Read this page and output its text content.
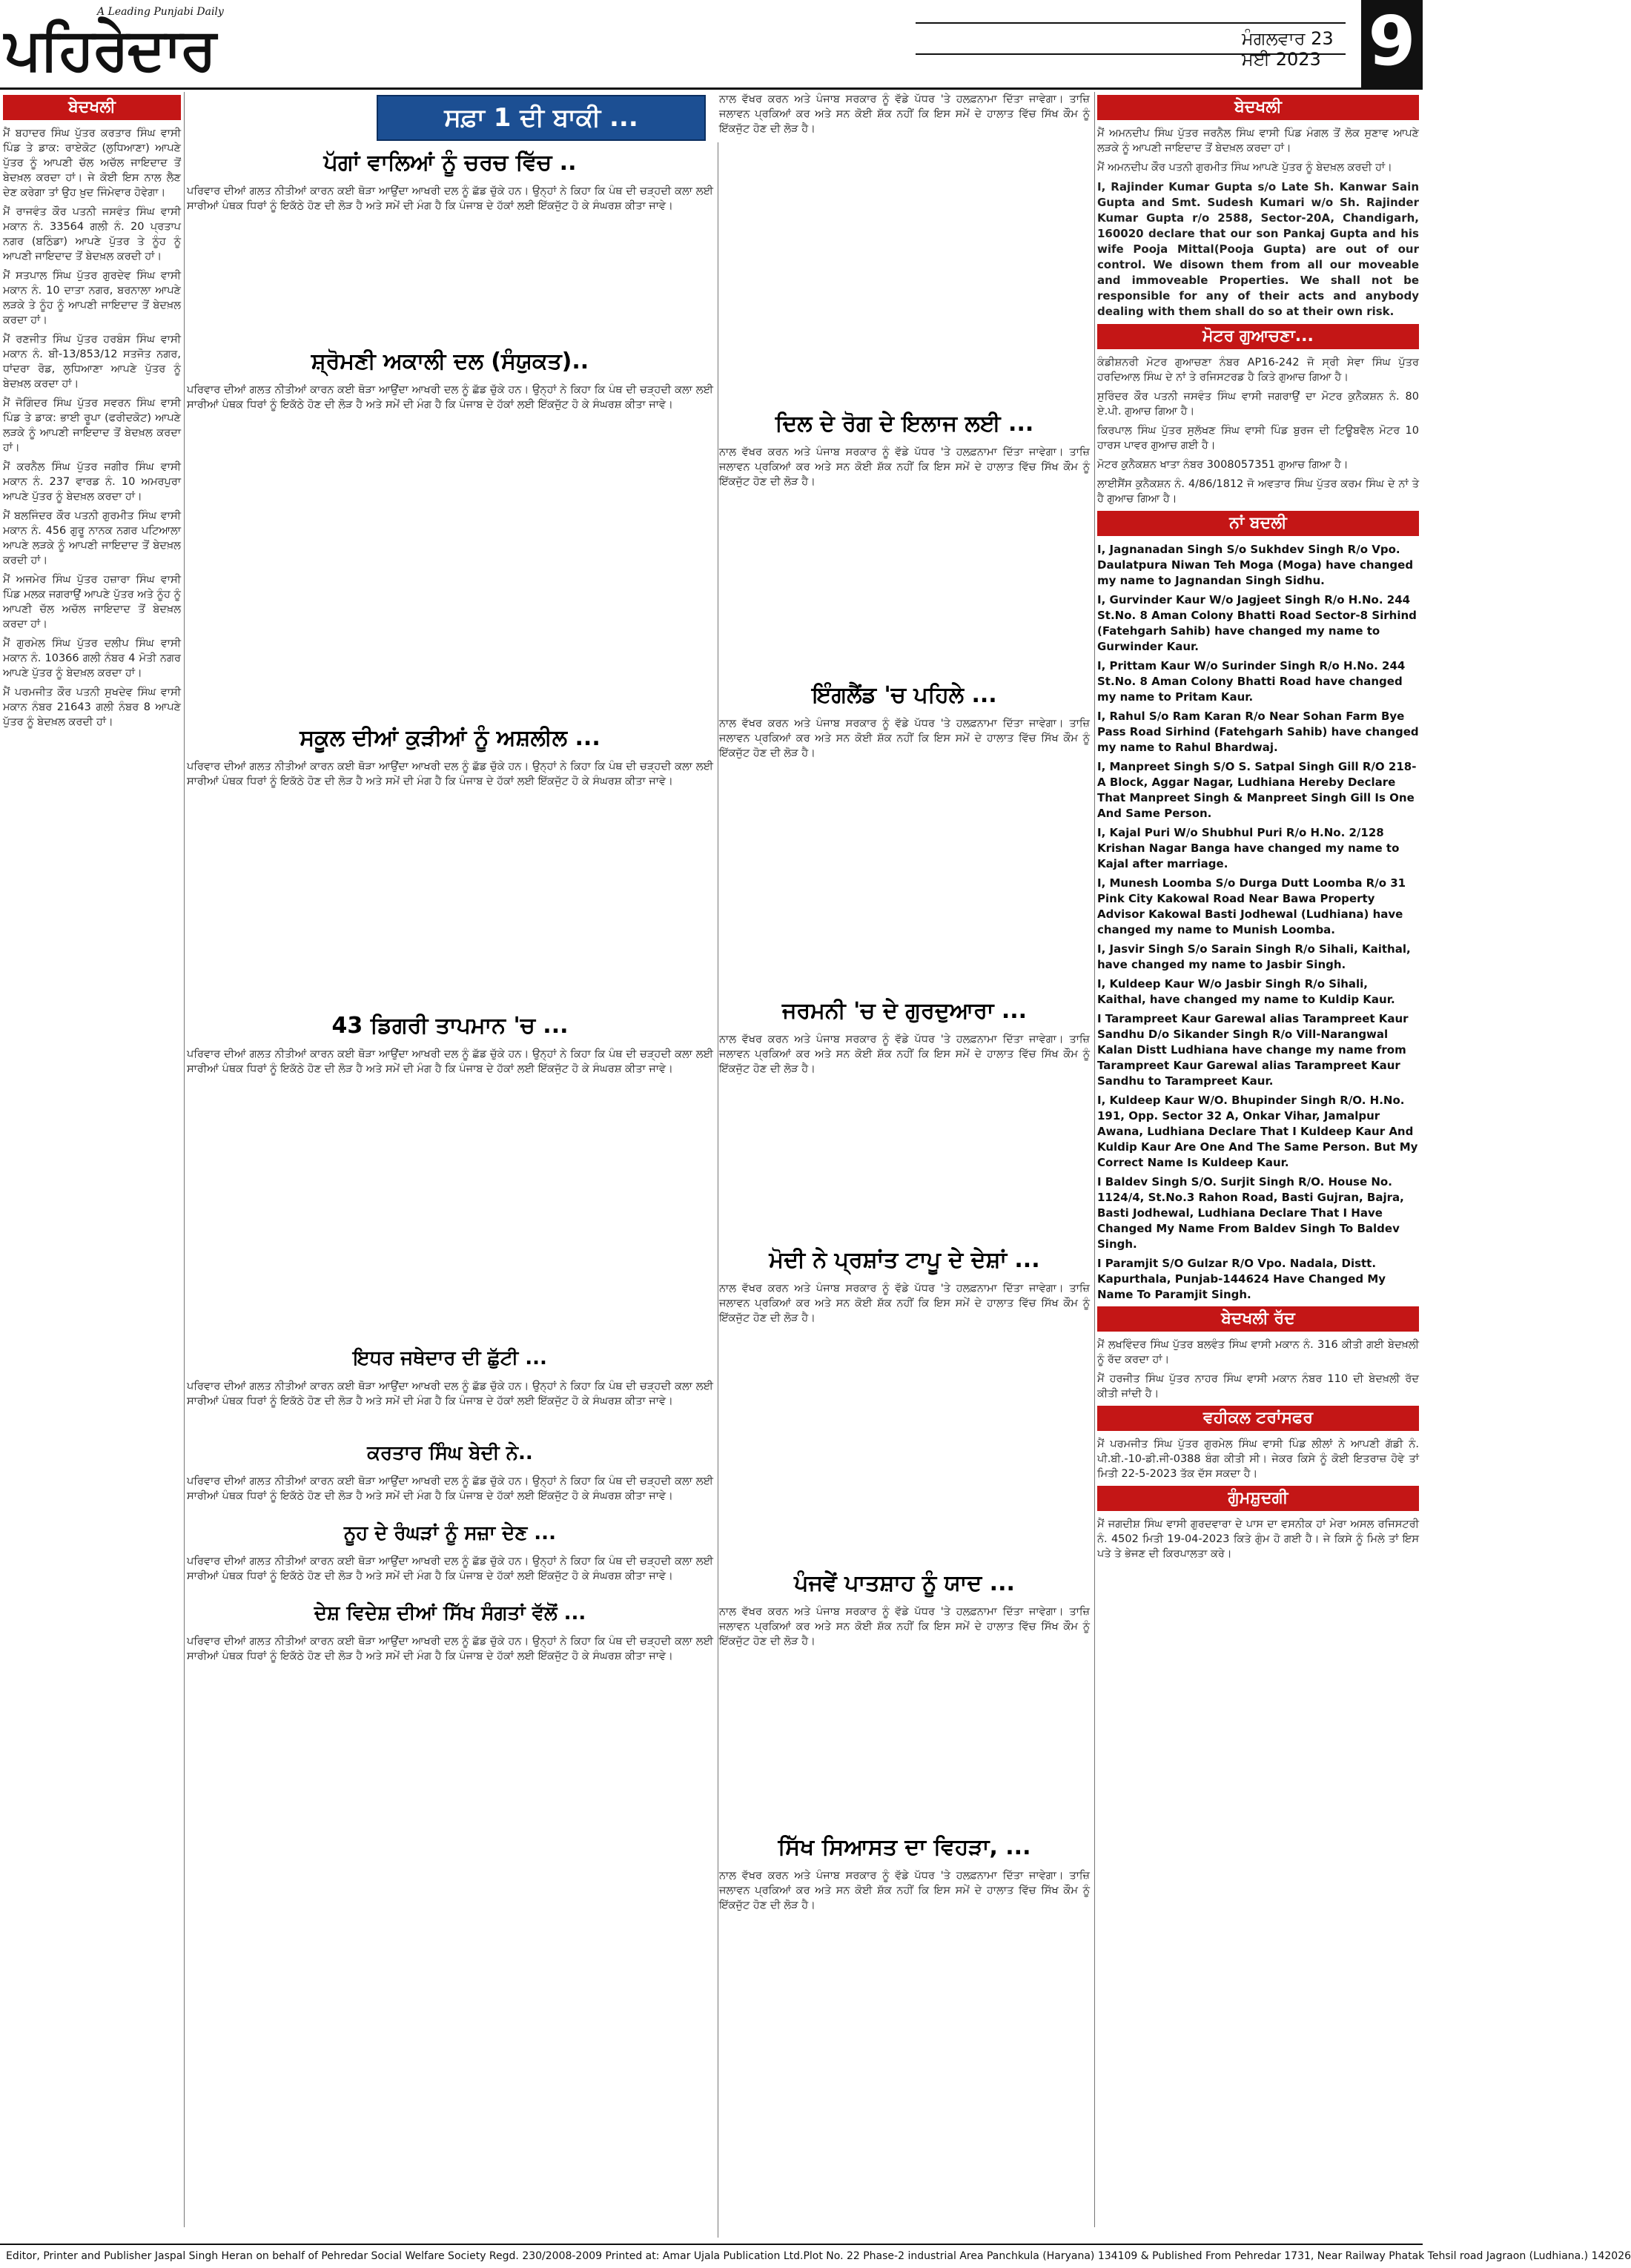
A Leading Punjabi Daily
ਪਹਿਰੇਦਾਰ	ਮੰਗਲਵਾਰ 23 ਮਈ 2023 9
ਬੇਦਖਲੀ

ਮੈਂ ਬਹਾਦਰ ਸਿੰਘ ਪੁੱਤਰ ਕਰਤਾਰ ਸਿੰਘ ਵਾਸੀ ਪਿੰਡ ਤੇ ਡਾਕ: ਰਾਏਕੋਟ (ਲੁਧਿਆਣਾ) ਆਪਣੇ ਪੁੱਤਰ ਨੂੰ ਆਪਣੀ ਚੱਲ ਅਚੱਲ ਜਾਇਦਾਦ ਤੋਂ ਬੇਦਖ਼ਲ ਕਰਦਾ ਹਾਂ। ਜੇ ਕੋਈ ਇਸ ਨਾਲ ਲੈਣ ਦੇਣ ਕਰੇਗਾ ਤਾਂ ਉਹ ਖ਼ੁਦ ਜਿੰਮੇਵਾਰ ਹੋਵੇਗਾ।

ਮੈਂ ਰਾਜਵੰਤ ਕੌਰ ਪਤਨੀ ਜਸਵੰਤ ਸਿੰਘ ਵਾਸੀ ਮਕਾਨ ਨੰ. 33564 ਗਲੀ ਨੰ. 20 ਪ੍ਰਤਾਪ ਨਗਰ (ਬਠਿੰਡਾ) ਆਪਣੇ ਪੁੱਤਰ ਤੇ ਨੂੰਹ ਨੂੰ ਆਪਣੀ ਜਾਇਦਾਦ ਤੋਂ ਬੇਦਖ਼ਲ ਕਰਦੀ ਹਾਂ।

ਮੈਂ ਸਤਪਾਲ ਸਿੰਘ ਪੁੱਤਰ ਗੁਰਦੇਵ ਸਿੰਘ ਵਾਸੀ ਮਕਾਨ ਨੰ. 10 ਦਾਤਾ ਨਗਰ, ਬਰਨਾਲਾ ਆਪਣੇ ਲੜਕੇ ਤੇ ਨੂੰਹ ਨੂੰ ਆਪਣੀ ਜਾਇਦਾਦ ਤੋਂ ਬੇਦਖ਼ਲ ਕਰਦਾ ਹਾਂ।

ਮੈਂ ਰਣਜੀਤ ਸਿੰਘ ਪੁੱਤਰ ਹਰਬੰਸ ਸਿੰਘ ਵਾਸੀ ਮਕਾਨ ਨੰ. ਬੀ-13/853/12 ਸਤਜੋਤ ਨਗਰ, ਧਾਂਦਰਾ ਰੋਡ, ਲੁਧਿਆਣਾ ਆਪਣੇ ਪੁੱਤਰ ਨੂੰ ਬੇਦਖ਼ਲ ਕਰਦਾ ਹਾਂ।

ਮੈਂ ਜੋਗਿੰਦਰ ਸਿੰਘ ਪੁੱਤਰ ਸਵਰਨ ਸਿੰਘ ਵਾਸੀ ਪਿੰਡ ਤੇ ਡਾਕ: ਭਾਈ ਰੂਪਾ (ਫਰੀਦਕੋਟ) ਆਪਣੇ ਲੜਕੇ ਨੂੰ ਆਪਣੀ ਜਾਇਦਾਦ ਤੋਂ ਬੇਦਖ਼ਲ ਕਰਦਾ ਹਾਂ।

ਮੈਂ ਕਰਨੈਲ ਸਿੰਘ ਪੁੱਤਰ ਜਗੀਰ ਸਿੰਘ ਵਾਸੀ ਮਕਾਨ ਨੰ. 237 ਵਾਰਡ ਨੰ. 10 ਅਮਰਪੁਰਾ ਆਪਣੇ ਪੁੱਤਰ ਨੂੰ ਬੇਦਖ਼ਲ ਕਰਦਾ ਹਾਂ।

ਮੈਂ ਬਲਜਿੰਦਰ ਕੌਰ ਪਤਨੀ ਗੁਰਮੀਤ ਸਿੰਘ ਵਾਸੀ ਮਕਾਨ ਨੰ. 456 ਗੁਰੂ ਨਾਨਕ ਨਗਰ ਪਟਿਆਲਾ ਆਪਣੇ ਲੜਕੇ ਨੂੰ ਆਪਣੀ ਜਾਇਦਾਦ ਤੋਂ ਬੇਦਖ਼ਲ ਕਰਦੀ ਹਾਂ।

ਮੈਂ ਅਜਮੇਰ ਸਿੰਘ ਪੁੱਤਰ ਹਜ਼ਾਰਾ ਸਿੰਘ ਵਾਸੀ ਪਿੰਡ ਮਲਕ ਜਗਰਾਉਂ ਆਪਣੇ ਪੁੱਤਰ ਅਤੇ ਨੂੰਹ ਨੂੰ ਆਪਣੀ ਚੱਲ ਅਚੱਲ ਜਾਇਦਾਦ ਤੋਂ ਬੇਦਖ਼ਲ ਕਰਦਾ ਹਾਂ।

ਮੈਂ ਗੁਰਮੇਲ ਸਿੰਘ ਪੁੱਤਰ ਦਲੀਪ ਸਿੰਘ ਵਾਸੀ ਮਕਾਨ ਨੰ. 10366 ਗਲੀ ਨੰਬਰ 4 ਮੋਤੀ ਨਗਰ ਆਪਣੇ ਪੁੱਤਰ ਨੂੰ ਬੇਦਖ਼ਲ ਕਰਦਾ ਹਾਂ।

ਮੈਂ ਪਰਮਜੀਤ ਕੌਰ ਪਤਨੀ ਸੁਖਦੇਵ ਸਿੰਘ ਵਾਸੀ ਮਕਾਨ ਨੰਬਰ 21643 ਗਲੀ ਨੰਬਰ 8 ਆਪਣੇ ਪੁੱਤਰ ਨੂੰ ਬੇਦਖ਼ਲ ਕਰਦੀ ਹਾਂ।

ਸਫ਼ਾ 1 ਦੀ ਬਾਕੀ ...
ਪੱਗਾਂ ਵਾਲਿਆਂ ਨੂੰ ਚਰਚ ਵਿੱਚ ..
ਪਰਿਵਾਰ ਦੀਆਂ ਗਲਤ ਨੀਤੀਆਂ ਕਾਰਨ ਕਈ ਥੋੜਾ ਆਉਂਦਾ ਆਖਰੀ ਦਲ ਨੂੰ ਛੱਡ ਚੁੱਕੇ ਹਨ। ਉਨ੍ਹਾਂ ਨੇ ਕਿਹਾ ਕਿ ਪੰਥ ਦੀ ਚੜ੍ਹਦੀ ਕਲਾ ਲਈ ਸਾਰੀਆਂ ਪੰਥਕ ਧਿਰਾਂ ਨੂੰ ਇਕੱਠੇ ਹੋਣ ਦੀ ਲੋੜ ਹੈ ਅਤੇ ਸਮੇਂ ਦੀ ਮੰਗ ਹੈ ਕਿ ਪੰਜਾਬ ਦੇ ਹੱਕਾਂ ਲਈ ਇੱਕਜੁੱਟ ਹੋ ਕੇ ਸੰਘਰਸ਼ ਕੀਤਾ ਜਾਵੇ।
ਸ਼੍ਰੋਮਣੀ ਅਕਾਲੀ ਦਲ (ਸੰਯੁਕਤ)..
ਪਰਿਵਾਰ ਦੀਆਂ ਗਲਤ ਨੀਤੀਆਂ ਕਾਰਨ ਕਈ ਥੋੜਾ ਆਉਂਦਾ ਆਖਰੀ ਦਲ ਨੂੰ ਛੱਡ ਚੁੱਕੇ ਹਨ। ਉਨ੍ਹਾਂ ਨੇ ਕਿਹਾ ਕਿ ਪੰਥ ਦੀ ਚੜ੍ਹਦੀ ਕਲਾ ਲਈ ਸਾਰੀਆਂ ਪੰਥਕ ਧਿਰਾਂ ਨੂੰ ਇਕੱਠੇ ਹੋਣ ਦੀ ਲੋੜ ਹੈ ਅਤੇ ਸਮੇਂ ਦੀ ਮੰਗ ਹੈ ਕਿ ਪੰਜਾਬ ਦੇ ਹੱਕਾਂ ਲਈ ਇੱਕਜੁੱਟ ਹੋ ਕੇ ਸੰਘਰਸ਼ ਕੀਤਾ ਜਾਵੇ।
ਸਕੂਲ ਦੀਆਂ ਕੁੜੀਆਂ ਨੂੰ ਅਸ਼ਲੀਲ ...
ਪਰਿਵਾਰ ਦੀਆਂ ਗਲਤ ਨੀਤੀਆਂ ਕਾਰਨ ਕਈ ਥੋੜਾ ਆਉਂਦਾ ਆਖਰੀ ਦਲ ਨੂੰ ਛੱਡ ਚੁੱਕੇ ਹਨ। ਉਨ੍ਹਾਂ ਨੇ ਕਿਹਾ ਕਿ ਪੰਥ ਦੀ ਚੜ੍ਹਦੀ ਕਲਾ ਲਈ ਸਾਰੀਆਂ ਪੰਥਕ ਧਿਰਾਂ ਨੂੰ ਇਕੱਠੇ ਹੋਣ ਦੀ ਲੋੜ ਹੈ ਅਤੇ ਸਮੇਂ ਦੀ ਮੰਗ ਹੈ ਕਿ ਪੰਜਾਬ ਦੇ ਹੱਕਾਂ ਲਈ ਇੱਕਜੁੱਟ ਹੋ ਕੇ ਸੰਘਰਸ਼ ਕੀਤਾ ਜਾਵੇ।
43 ਡਿਗਰੀ ਤਾਪਮਾਨ 'ਚ ...
ਪਰਿਵਾਰ ਦੀਆਂ ਗਲਤ ਨੀਤੀਆਂ ਕਾਰਨ ਕਈ ਥੋੜਾ ਆਉਂਦਾ ਆਖਰੀ ਦਲ ਨੂੰ ਛੱਡ ਚੁੱਕੇ ਹਨ। ਉਨ੍ਹਾਂ ਨੇ ਕਿਹਾ ਕਿ ਪੰਥ ਦੀ ਚੜ੍ਹਦੀ ਕਲਾ ਲਈ ਸਾਰੀਆਂ ਪੰਥਕ ਧਿਰਾਂ ਨੂੰ ਇਕੱਠੇ ਹੋਣ ਦੀ ਲੋੜ ਹੈ ਅਤੇ ਸਮੇਂ ਦੀ ਮੰਗ ਹੈ ਕਿ ਪੰਜਾਬ ਦੇ ਹੱਕਾਂ ਲਈ ਇੱਕਜੁੱਟ ਹੋ ਕੇ ਸੰਘਰਸ਼ ਕੀਤਾ ਜਾਵੇ।
ਇਧਰ ਜਥੇਦਾਰ ਦੀ ਛੁੱਟੀ ...
ਪਰਿਵਾਰ ਦੀਆਂ ਗਲਤ ਨੀਤੀਆਂ ਕਾਰਨ ਕਈ ਥੋੜਾ ਆਉਂਦਾ ਆਖਰੀ ਦਲ ਨੂੰ ਛੱਡ ਚੁੱਕੇ ਹਨ। ਉਨ੍ਹਾਂ ਨੇ ਕਿਹਾ ਕਿ ਪੰਥ ਦੀ ਚੜ੍ਹਦੀ ਕਲਾ ਲਈ ਸਾਰੀਆਂ ਪੰਥਕ ਧਿਰਾਂ ਨੂੰ ਇਕੱਠੇ ਹੋਣ ਦੀ ਲੋੜ ਹੈ ਅਤੇ ਸਮੇਂ ਦੀ ਮੰਗ ਹੈ ਕਿ ਪੰਜਾਬ ਦੇ ਹੱਕਾਂ ਲਈ ਇੱਕਜੁੱਟ ਹੋ ਕੇ ਸੰਘਰਸ਼ ਕੀਤਾ ਜਾਵੇ।
ਕਰਤਾਰ ਸਿੰਘ ਬੇਦੀ ਨੇ..
ਪਰਿਵਾਰ ਦੀਆਂ ਗਲਤ ਨੀਤੀਆਂ ਕਾਰਨ ਕਈ ਥੋੜਾ ਆਉਂਦਾ ਆਖਰੀ ਦਲ ਨੂੰ ਛੱਡ ਚੁੱਕੇ ਹਨ। ਉਨ੍ਹਾਂ ਨੇ ਕਿਹਾ ਕਿ ਪੰਥ ਦੀ ਚੜ੍ਹਦੀ ਕਲਾ ਲਈ ਸਾਰੀਆਂ ਪੰਥਕ ਧਿਰਾਂ ਨੂੰ ਇਕੱਠੇ ਹੋਣ ਦੀ ਲੋੜ ਹੈ ਅਤੇ ਸਮੇਂ ਦੀ ਮੰਗ ਹੈ ਕਿ ਪੰਜਾਬ ਦੇ ਹੱਕਾਂ ਲਈ ਇੱਕਜੁੱਟ ਹੋ ਕੇ ਸੰਘਰਸ਼ ਕੀਤਾ ਜਾਵੇ।
ਨੂਹ ਦੇ ਰੰਘੜਾਂ ਨੂੰ ਸਜ਼ਾ ਦੇਣ ...
ਪਰਿਵਾਰ ਦੀਆਂ ਗਲਤ ਨੀਤੀਆਂ ਕਾਰਨ ਕਈ ਥੋੜਾ ਆਉਂਦਾ ਆਖਰੀ ਦਲ ਨੂੰ ਛੱਡ ਚੁੱਕੇ ਹਨ। ਉਨ੍ਹਾਂ ਨੇ ਕਿਹਾ ਕਿ ਪੰਥ ਦੀ ਚੜ੍ਹਦੀ ਕਲਾ ਲਈ ਸਾਰੀਆਂ ਪੰਥਕ ਧਿਰਾਂ ਨੂੰ ਇਕੱਠੇ ਹੋਣ ਦੀ ਲੋੜ ਹੈ ਅਤੇ ਸਮੇਂ ਦੀ ਮੰਗ ਹੈ ਕਿ ਪੰਜਾਬ ਦੇ ਹੱਕਾਂ ਲਈ ਇੱਕਜੁੱਟ ਹੋ ਕੇ ਸੰਘਰਸ਼ ਕੀਤਾ ਜਾਵੇ।
ਦੇਸ਼ ਵਿਦੇਸ਼ ਦੀਆਂ ਸਿੱਖ ਸੰਗਤਾਂ ਵੱਲੋਂ ...
ਪਰਿਵਾਰ ਦੀਆਂ ਗਲਤ ਨੀਤੀਆਂ ਕਾਰਨ ਕਈ ਥੋੜਾ ਆਉਂਦਾ ਆਖਰੀ ਦਲ ਨੂੰ ਛੱਡ ਚੁੱਕੇ ਹਨ। ਉਨ੍ਹਾਂ ਨੇ ਕਿਹਾ ਕਿ ਪੰਥ ਦੀ ਚੜ੍ਹਦੀ ਕਲਾ ਲਈ ਸਾਰੀਆਂ ਪੰਥਕ ਧਿਰਾਂ ਨੂੰ ਇਕੱਠੇ ਹੋਣ ਦੀ ਲੋੜ ਹੈ ਅਤੇ ਸਮੇਂ ਦੀ ਮੰਗ ਹੈ ਕਿ ਪੰਜਾਬ ਦੇ ਹੱਕਾਂ ਲਈ ਇੱਕਜੁੱਟ ਹੋ ਕੇ ਸੰਘਰਸ਼ ਕੀਤਾ ਜਾਵੇ।
ਨਾਲ ਵੱਖਰ ਕਰਨ ਅਤੇ ਪੰਜਾਬ ਸਰਕਾਰ ਨੂੰ ਵੱਡੇ ਪੱਧਰ 'ਤੇ ਹਲਫ਼ਨਾਮਾ ਦਿੱਤਾ ਜਾਵੇਗਾ। ਤਾਜ਼ਿ ਜਲਾਵਨ ਪ੍ਰਕਿਆਂ ਕਰ ਅਤੇ ਸਨ ਕੋਈ ਸ਼ੱਕ ਨਹੀਂ ਕਿ ਇਸ ਸਮੇਂ ਦੇ ਹਾਲਾਤ ਵਿੱਚ ਸਿੱਖ ਕੌਮ ਨੂੰ ਇੱਕਜੁੱਟ ਹੋਣ ਦੀ ਲੋੜ ਹੈ।
ਦਿਲ ਦੇ ਰੋਗ ਦੇ ਇਲਾਜ ਲਈ ...
ਨਾਲ ਵੱਖਰ ਕਰਨ ਅਤੇ ਪੰਜਾਬ ਸਰਕਾਰ ਨੂੰ ਵੱਡੇ ਪੱਧਰ 'ਤੇ ਹਲਫ਼ਨਾਮਾ ਦਿੱਤਾ ਜਾਵੇਗਾ। ਤਾਜ਼ਿ ਜਲਾਵਨ ਪ੍ਰਕਿਆਂ ਕਰ ਅਤੇ ਸਨ ਕੋਈ ਸ਼ੱਕ ਨਹੀਂ ਕਿ ਇਸ ਸਮੇਂ ਦੇ ਹਾਲਾਤ ਵਿੱਚ ਸਿੱਖ ਕੌਮ ਨੂੰ ਇੱਕਜੁੱਟ ਹੋਣ ਦੀ ਲੋੜ ਹੈ।
ਇੰਗਲੈਂਡ 'ਚ ਪਹਿਲੇ ...
ਨਾਲ ਵੱਖਰ ਕਰਨ ਅਤੇ ਪੰਜਾਬ ਸਰਕਾਰ ਨੂੰ ਵੱਡੇ ਪੱਧਰ 'ਤੇ ਹਲਫ਼ਨਾਮਾ ਦਿੱਤਾ ਜਾਵੇਗਾ। ਤਾਜ਼ਿ ਜਲਾਵਨ ਪ੍ਰਕਿਆਂ ਕਰ ਅਤੇ ਸਨ ਕੋਈ ਸ਼ੱਕ ਨਹੀਂ ਕਿ ਇਸ ਸਮੇਂ ਦੇ ਹਾਲਾਤ ਵਿੱਚ ਸਿੱਖ ਕੌਮ ਨੂੰ ਇੱਕਜੁੱਟ ਹੋਣ ਦੀ ਲੋੜ ਹੈ।
ਜਰਮਨੀ 'ਚ ਦੇ ਗੁਰਦੁਆਰਾ ...
ਨਾਲ ਵੱਖਰ ਕਰਨ ਅਤੇ ਪੰਜਾਬ ਸਰਕਾਰ ਨੂੰ ਵੱਡੇ ਪੱਧਰ 'ਤੇ ਹਲਫ਼ਨਾਮਾ ਦਿੱਤਾ ਜਾਵੇਗਾ। ਤਾਜ਼ਿ ਜਲਾਵਨ ਪ੍ਰਕਿਆਂ ਕਰ ਅਤੇ ਸਨ ਕੋਈ ਸ਼ੱਕ ਨਹੀਂ ਕਿ ਇਸ ਸਮੇਂ ਦੇ ਹਾਲਾਤ ਵਿੱਚ ਸਿੱਖ ਕੌਮ ਨੂੰ ਇੱਕਜੁੱਟ ਹੋਣ ਦੀ ਲੋੜ ਹੈ।
ਮੋਦੀ ਨੇ ਪ੍ਰਸ਼ਾਂਤ ਟਾਪੂ ਦੇ ਦੇਸ਼ਾਂ ...
ਨਾਲ ਵੱਖਰ ਕਰਨ ਅਤੇ ਪੰਜਾਬ ਸਰਕਾਰ ਨੂੰ ਵੱਡੇ ਪੱਧਰ 'ਤੇ ਹਲਫ਼ਨਾਮਾ ਦਿੱਤਾ ਜਾਵੇਗਾ। ਤਾਜ਼ਿ ਜਲਾਵਨ ਪ੍ਰਕਿਆਂ ਕਰ ਅਤੇ ਸਨ ਕੋਈ ਸ਼ੱਕ ਨਹੀਂ ਕਿ ਇਸ ਸਮੇਂ ਦੇ ਹਾਲਾਤ ਵਿੱਚ ਸਿੱਖ ਕੌਮ ਨੂੰ ਇੱਕਜੁੱਟ ਹੋਣ ਦੀ ਲੋੜ ਹੈ।
ਪੰਜਵੇਂ ਪਾਤਸ਼ਾਹ ਨੂੰ ਯਾਦ ...
ਨਾਲ ਵੱਖਰ ਕਰਨ ਅਤੇ ਪੰਜਾਬ ਸਰਕਾਰ ਨੂੰ ਵੱਡੇ ਪੱਧਰ 'ਤੇ ਹਲਫ਼ਨਾਮਾ ਦਿੱਤਾ ਜਾਵੇਗਾ। ਤਾਜ਼ਿ ਜਲਾਵਨ ਪ੍ਰਕਿਆਂ ਕਰ ਅਤੇ ਸਨ ਕੋਈ ਸ਼ੱਕ ਨਹੀਂ ਕਿ ਇਸ ਸਮੇਂ ਦੇ ਹਾਲਾਤ ਵਿੱਚ ਸਿੱਖ ਕੌਮ ਨੂੰ ਇੱਕਜੁੱਟ ਹੋਣ ਦੀ ਲੋੜ ਹੈ।
ਸਿੱਖ ਸਿਆਸਤ ਦਾ ਵਿਹੜਾ, ...
ਨਾਲ ਵੱਖਰ ਕਰਨ ਅਤੇ ਪੰਜਾਬ ਸਰਕਾਰ ਨੂੰ ਵੱਡੇ ਪੱਧਰ 'ਤੇ ਹਲਫ਼ਨਾਮਾ ਦਿੱਤਾ ਜਾਵੇਗਾ। ਤਾਜ਼ਿ ਜਲਾਵਨ ਪ੍ਰਕਿਆਂ ਕਰ ਅਤੇ ਸਨ ਕੋਈ ਸ਼ੱਕ ਨਹੀਂ ਕਿ ਇਸ ਸਮੇਂ ਦੇ ਹਾਲਾਤ ਵਿੱਚ ਸਿੱਖ ਕੌਮ ਨੂੰ ਇੱਕਜੁੱਟ ਹੋਣ ਦੀ ਲੋੜ ਹੈ।
ਬੇਦਖਲੀ

ਮੈਂ ਅਮਨਦੀਪ ਸਿੰਘ ਪੁੱਤਰ ਜਰਨੈਲ ਸਿੰਘ ਵਾਸੀ ਪਿੰਡ ਮੰਗਲ ਤੋਂ ਲੋਕ ਸੁਣਾਵ ਆਪਣੇ ਲੜਕੇ ਨੂੰ ਆਪਣੀ ਜਾਇਦਾਦ ਤੋਂ ਬੇਦਖ਼ਲ ਕਰਦਾ ਹਾਂ।

ਮੈਂ ਅਮਨਦੀਪ ਕੌਰ ਪਤਨੀ ਗੁਰਮੀਤ ਸਿੰਘ ਆਪਣੇ ਪੁੱਤਰ ਨੂੰ ਬੇਦਖ਼ਲ ਕਰਦੀ ਹਾਂ।

I, Rajinder Kumar Gupta s/o Late Sh. Kanwar Sain Gupta and Smt. Sudesh Kumari w/o Sh. Rajinder Kumar Gupta r/o 2588, Sector-20A, Chandigarh, 160020 declare that our son Pankaj Gupta and his wife Pooja Mittal(Pooja Gupta) are out of our control. We disown them from all our moveable and immoveable Properties. We shall not be responsible for any of their acts and anybody dealing with them shall do so at their own risk.

ਮੋਟਰ ਗੁਆਚਣਾ...

ਕੰਡੀਸ਼ਨਰੀ ਮੋਟਰ ਗੁਆਚਣਾ ਨੰਬਰ AP16-242 ਜੋ ਸ੍ਰੀ ਸੇਵਾ ਸਿੰਘ ਪੁੱਤਰ ਹਰਦਿਆਲ ਸਿੰਘ ਦੇ ਨਾਂ ਤੇ ਰਜਿਸਟਰਡ ਹੈ ਕਿਤੇ ਗੁਆਚ ਗਿਆ ਹੈ।

ਸੁਰਿੰਦਰ ਕੌਰ ਪਤਨੀ ਜਸਵੰਤ ਸਿੰਘ ਵਾਸੀ ਜਗਰਾਉਂ ਦਾ ਮੋਟਰ ਕੁਨੈਕਸ਼ਨ ਨੰ. 80 ਏ.ਪੀ. ਗੁਆਚ ਗਿਆ ਹੈ।

ਕਿਰਪਾਲ ਸਿੰਘ ਪੁੱਤਰ ਸੁਲੱਖਣ ਸਿੰਘ ਵਾਸੀ ਪਿੰਡ ਬੁਰਜ ਦੀ ਟਿਊਬਵੈਲ ਮੋਟਰ 10 ਹਾਰਸ ਪਾਵਰ ਗੁਆਚ ਗਈ ਹੈ।

ਮੋਟਰ ਕੁਨੈਕਸ਼ਨ ਖਾਤਾ ਨੰਬਰ 3008057351 ਗੁਆਚ ਗਿਆ ਹੈ।

ਲਾਈਸੈਂਸ ਕੁਨੈਕਸ਼ਨ ਨੰ. 4/86/1812 ਜੋ ਅਵਤਾਰ ਸਿੰਘ ਪੁੱਤਰ ਕਰਮ ਸਿੰਘ ਦੇ ਨਾਂ ਤੇ ਹੈ ਗੁਆਚ ਗਿਆ ਹੈ।

ਨਾਂ ਬਦਲੀ

I, Jagnanadan Singh S/o Sukhdev Singh R/o Vpo. Daulatpura Niwan Teh Moga (Moga) have changed my name to Jagnandan Singh Sidhu.

I, Gurvinder Kaur W/o Jagjeet Singh R/o H.No. 244 St.No. 8 Aman Colony Bhatti Road Sector-8 Sirhind (Fatehgarh Sahib) have changed my name to Gurwinder Kaur.

I, Prittam Kaur W/o Surinder Singh R/o H.No. 244 St.No. 8 Aman Colony Bhatti Road have changed my name to Pritam Kaur.

I, Rahul S/o Ram Karan R/o Near Sohan Farm Bye Pass Road Sirhind (Fatehgarh Sahib) have changed my name to Rahul Bhardwaj.

I, Manpreet Singh S/O S. Satpal Singh Gill R/O 218-A Block, Aggar Nagar, Ludhiana Hereby Declare That Manpreet Singh & Manpreet Singh Gill Is One And Same Person.

I, Kajal Puri W/o Shubhul Puri R/o H.No. 2/128 Krishan Nagar Banga have changed my name to Kajal after marriage.

I, Munesh Loomba S/o Durga Dutt Loomba R/o 31 Pink City Kakowal Road Near Bawa Property Advisor Kakowal Basti Jodhewal (Ludhiana) have changed my name to Munish Loomba.

I, Jasvir Singh S/o Sarain Singh R/o Sihali, Kaithal, have changed my name to Jasbir Singh.

I, Kuldeep Kaur W/o Jasbir Singh R/o Sihali, Kaithal, have changed my name to Kuldip Kaur.

I Tarampreet Kaur Garewal alias Tarampreet Kaur Sandhu D/o Sikander Singh R/o Vill-Narangwal Kalan Distt Ludhiana have change my name from Tarampreet Kaur Garewal alias Tarampreet Kaur Sandhu to Tarampreet Kaur.

I, Kuldeep Kaur W/O. Bhupinder Singh R/O. H.No. 191, Opp. Sector 32 A, Onkar Vihar, Jamalpur Awana, Ludhiana Declare That I Kuldeep Kaur And Kuldip Kaur Are One And The Same Person. But My Correct Name Is Kuldeep Kaur.

I Baldev Singh S/O. Surjit Singh R/O. House No. 1124/4, St.No.3 Rahon Road, Basti Gujran, Bajra, Basti Jodhewal, Ludhiana Declare That I Have Changed My Name From Baldev Singh To Baldev Singh.

I Paramjit S/O Gulzar R/O Vpo. Nadala, Distt. Kapurthala, Punjab-144624 Have Changed My Name To Paramjit Singh.

ਬੇਦਖਲੀ ਰੱਦ

ਮੈਂ ਲਖਵਿੰਦਰ ਸਿੰਘ ਪੁੱਤਰ ਬਲਵੰਤ ਸਿੰਘ ਵਾਸੀ ਮਕਾਨ ਨੰ. 316 ਕੀਤੀ ਗਈ ਬੇਦਖ਼ਲੀ ਨੂੰ ਰੱਦ ਕਰਦਾ ਹਾਂ।

ਮੈਂ ਹਰਜੀਤ ਸਿੰਘ ਪੁੱਤਰ ਨਾਹਰ ਸਿੰਘ ਵਾਸੀ ਮਕਾਨ ਨੰਬਰ 110 ਦੀ ਬੇਦਖ਼ਲੀ ਰੱਦ ਕੀਤੀ ਜਾਂਦੀ ਹੈ।

ਵਹੀਕਲ ਟਰਾਂਸਫਰ

ਮੈਂ ਪਰਮਜੀਤ ਸਿੰਘ ਪੁੱਤਰ ਗੁਰਮੇਲ ਸਿੰਘ ਵਾਸੀ ਪਿੰਡ ਲੀਲਾਂ ਨੇ ਆਪਣੀ ਗੱਡੀ ਨੰ. ਪੀ.ਬੀ.-10-ਡੀ.ਜੀ-0388 ਬੰਗ ਕੀਤੀ ਸੀ। ਜੇਕਰ ਕਿਸੇ ਨੂੰ ਕੋਈ ਇਤਰਾਜ਼ ਹੋਵੇ ਤਾਂ ਮਿਤੀ 22-5-2023 ਤੱਕ ਦੱਸ ਸਕਦਾ ਹੈ।

ਗੁੰਮਸ਼ੁਦਗੀ

ਮੈਂ ਜਗਦੀਸ਼ ਸਿੰਘ ਵਾਸੀ ਗੁਰਦਵਾਰਾ ਦੇ ਪਾਸ ਦਾ ਵਸਨੀਕ ਹਾਂ ਮੇਰਾ ਅਸਲ ਰਜਿਸਟਰੀ ਨੰ. 4502 ਮਿਤੀ 19-04-2023 ਕਿਤੇ ਗੁੰਮ ਹੋ ਗਈ ਹੈ। ਜੇ ਕਿਸੇ ਨੂੰ ਮਿਲੇ ਤਾਂ ਇਸ ਪਤੇ ਤੇ ਭੇਜਣ ਦੀ ਕਿਰਪਾਲਤਾ ਕਰੇ।

Editor, Printer and Publisher Jaspal Singh Heran on behalf of Pehredar Social Welfare Society Regd. 230/2008-2009 Printed at: Amar Ujala Publication Ltd.Plot No. 22 Phase-2 industrial Area Panchkula (Haryana) 134109 & Published From Pehredar 1731, Near Railway Phatak Tehsil road Jagraon (Ludhiana.) 142026
